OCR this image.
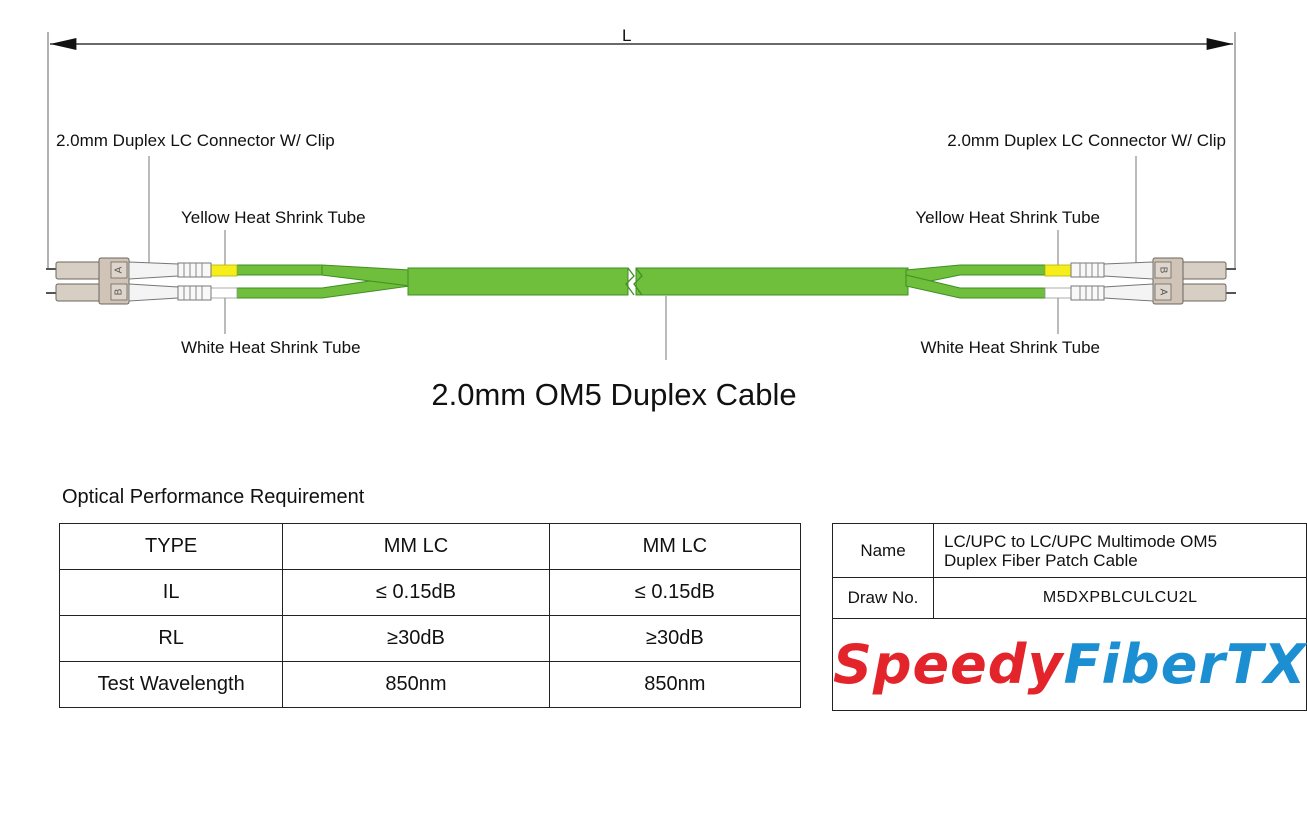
A
B
B
A
L
2.0mm Duplex LC Connector W/ Clip	2.0mm Duplex LC Connector W/ Clip
Yellow Heat Shrink Tube	Yellow Heat Shrink Tube
White Heat Shrink Tube	White Heat Shrink Tube
2.0mm OM5 Duplex Cable
Optical Performance Requirement
TYPE	MM LC	MM LC
IL	≤ 0.15dB	≤ 0.15dB
RL	≥30dB	≥30dB
Test Wavelength	850nm	850nm
Name	LC/UPC to LC/UPC Multimode OM5
Duplex Fiber Patch Cable

Draw No.	M5DXPBLCULCU2L
SpeedyFiberTX	
